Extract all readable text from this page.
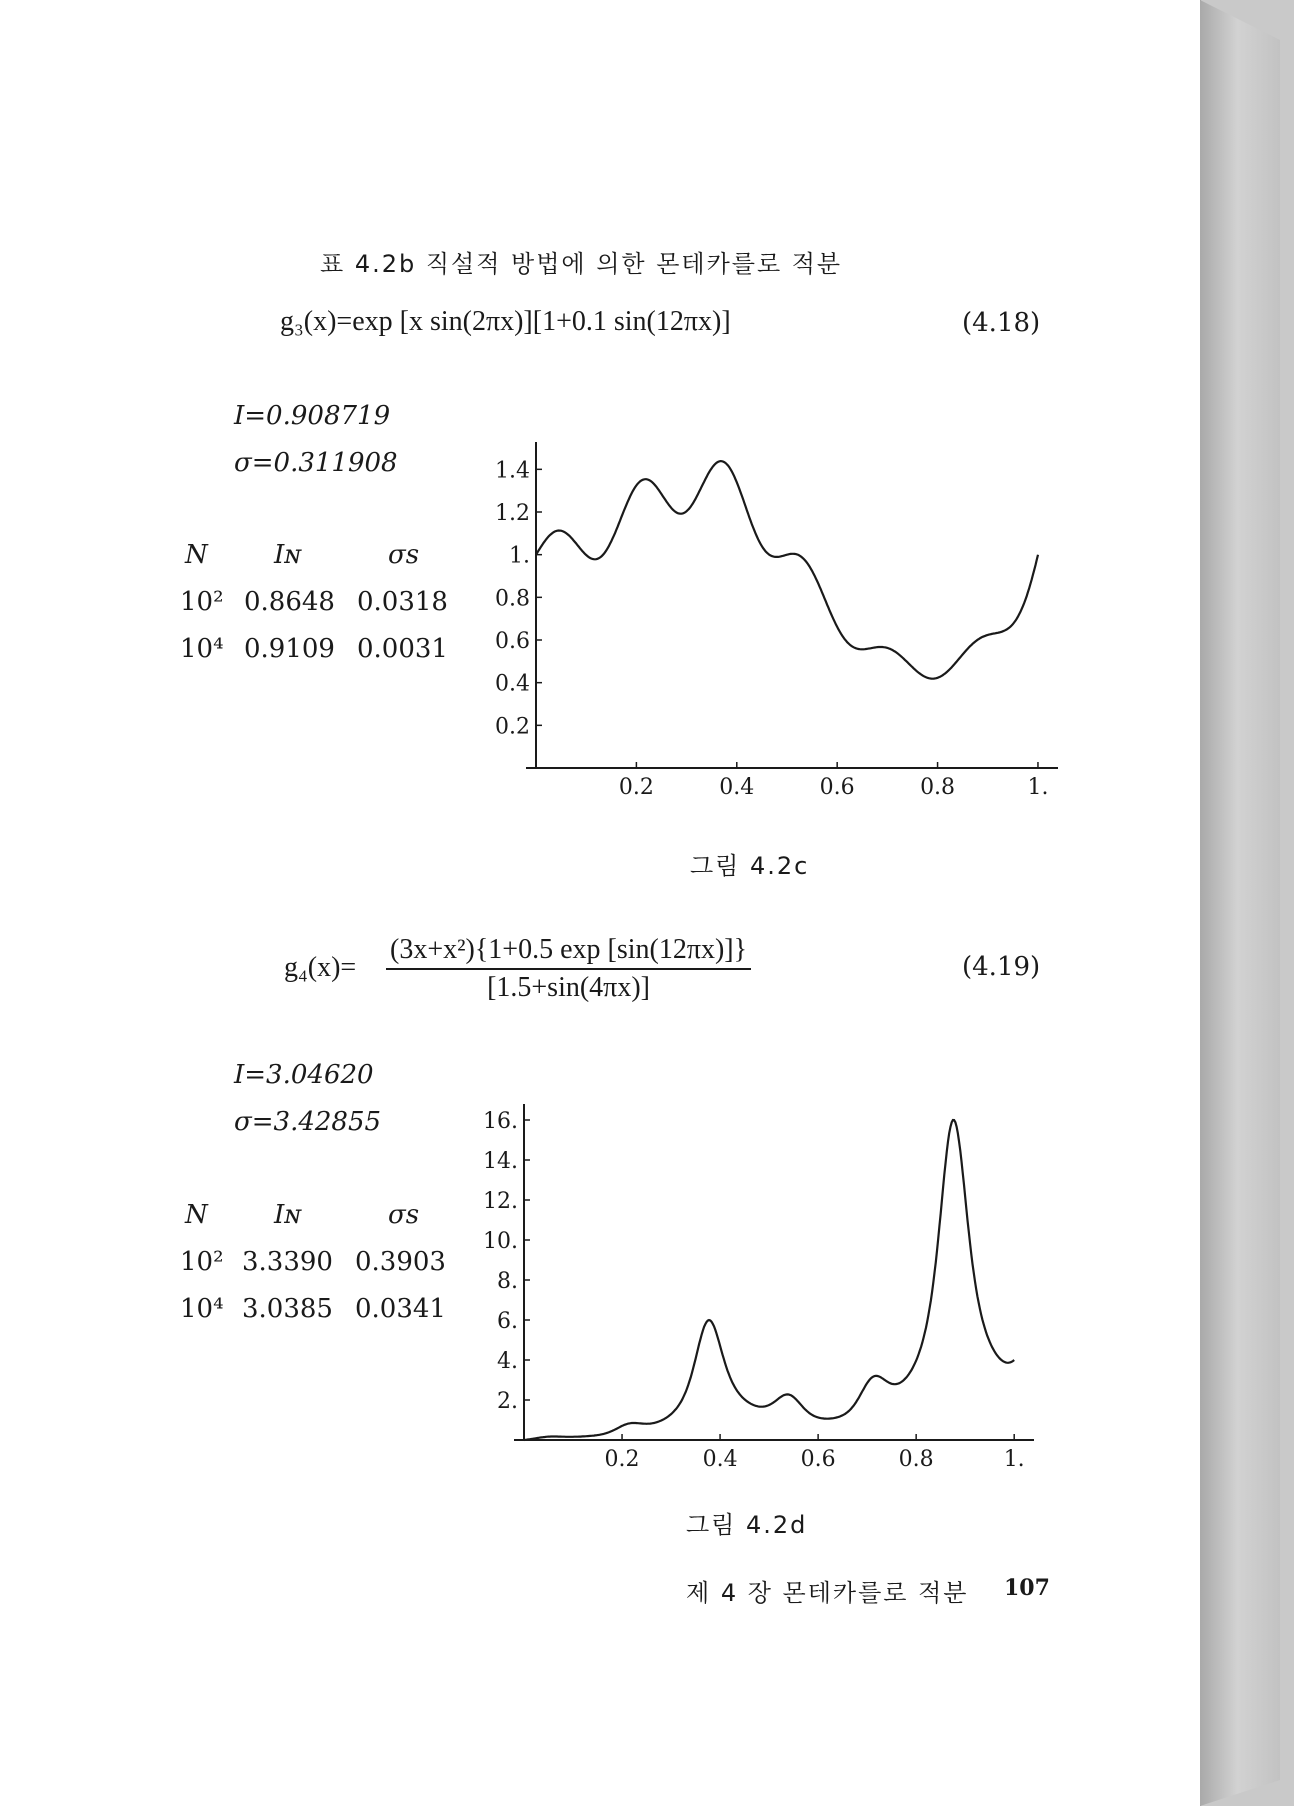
표 4.2b 직설적 방법에 의한 몬테카를로 적분
g₃(x)=exp [x sin(2πx)][1+0.1 sin(12πx)]	(4.18)
I=0.908719
σ=0.311908
N	Iɴ	σs
10² 0.8648 0.0318
10⁴ 0.9109 0.0031
0.2
0.4
0.6
0.8
1.
1.2
1.4
0.2	0.4	0.6	0.8	1.
그림 4.2c
$g_4(x)= \frac{\text{(3x+x²)\{1+0.5 exp [sin(12πx)]\}}}{[1.5+\sin(4\pi x)]}$	(4.19)
I=3.04620
σ=3.42855
N	Iɴ	σs
10² 3.3390 0.3903
10⁴ 3.0385 0.0341
2.
4.
6.
8.
10.
12.
14.
16.
0.2	0.4	0.6	0.8	1.
그림 4.2d
제 4 장 몬테카를로 적분 107
